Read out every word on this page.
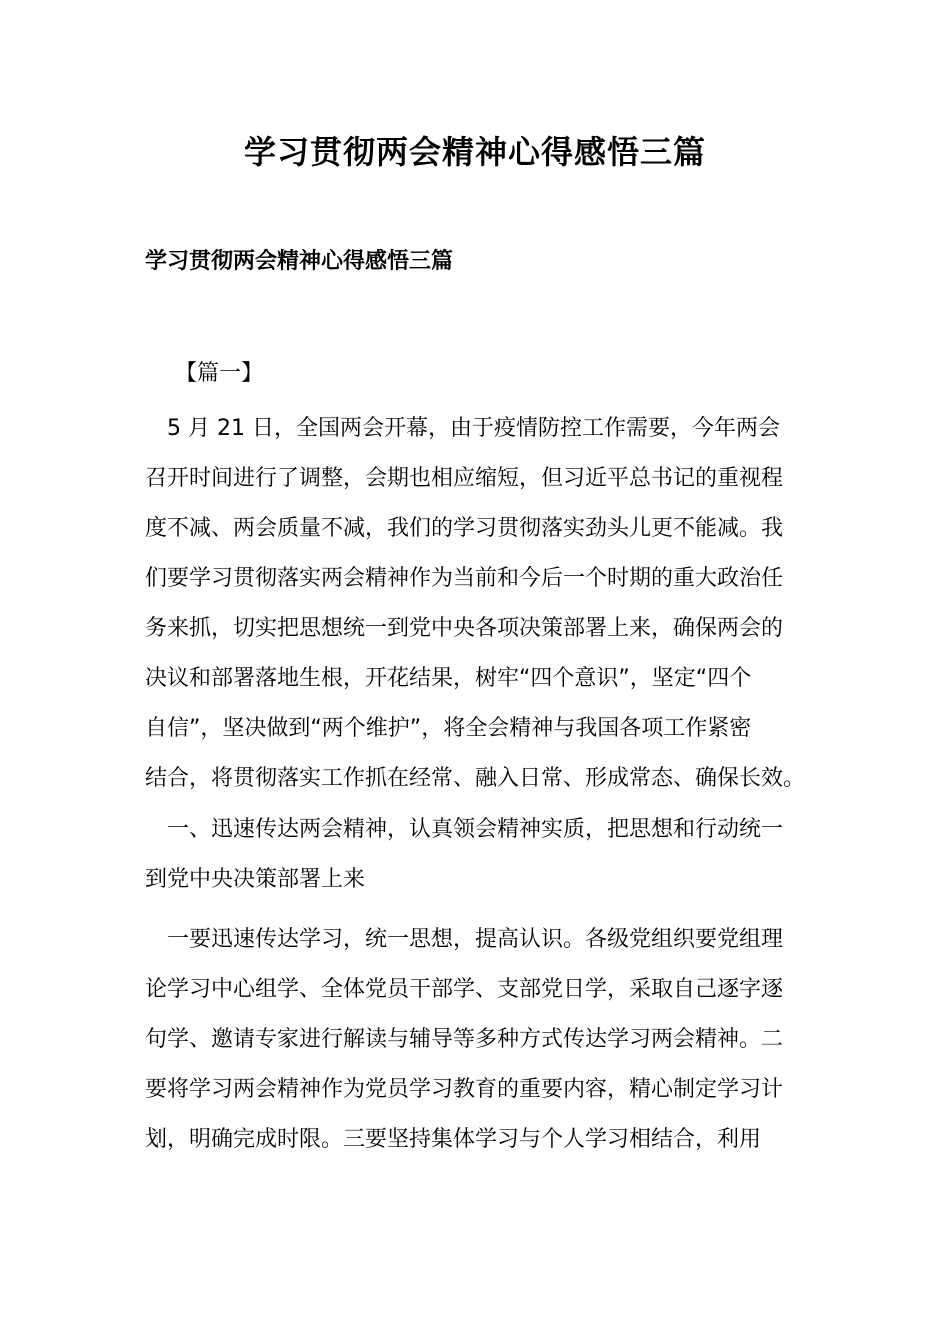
学习贯彻两会精神心得感悟三篇
学习贯彻两会精神心得感悟三篇
【篇一】
　5 月 21 日，全国两会开幕，由于疫情防控工作需要，今年两会
召开时间进行了调整，会期也相应缩短，但习近平总书记的重视程
度不减、两会质量不减，我们的学习贯彻落实劲头儿更不能减。我
们要学习贯彻落实两会精神作为当前和今后一个时期的重大政治任
务来抓，切实把思想统一到党中央各项决策部署上来，确保两会的
决议和部署落地生根，开花结果，树牢“四个意识”，坚定“四个
自信”，坚决做到“两个维护”，将全会精神与我国各项工作紧密
结合，将贯彻落实工作抓在经常、融入日常、形成常态、确保长效。
　一、迅速传达两会精神，认真领会精神实质，把思想和行动统一
到党中央决策部署上来
　一要迅速传达学习，统一思想，提高认识。各级党组织要党组理
论学习中心组学、全体党员干部学、支部党日学，采取自己逐字逐
句学、邀请专家进行解读与辅导等多种方式传达学习两会精神。二
要将学习两会精神作为党员学习教育的重要内容，精心制定学习计
划，明确完成时限。三要坚持集体学习与个人学习相结合，利用
